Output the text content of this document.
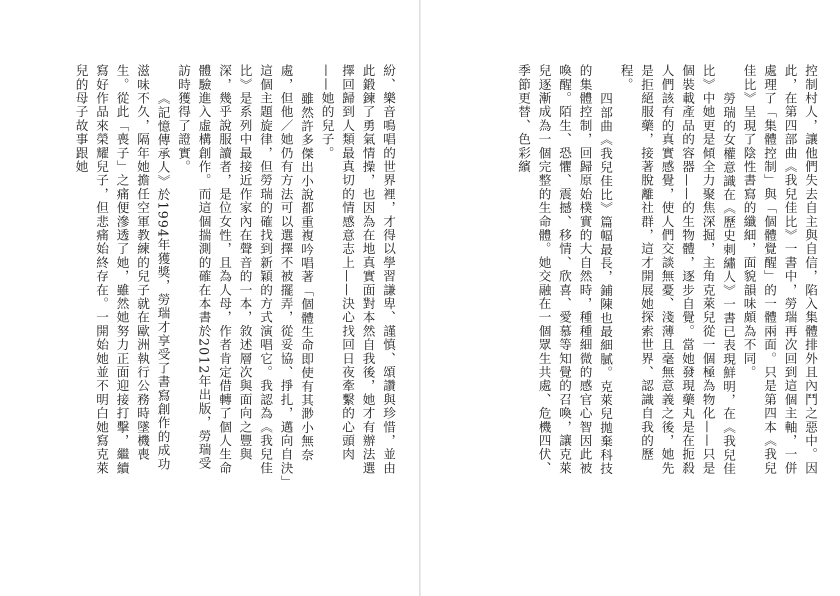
紛、樂音鳴唱的世界裡，才得以學習謙卑、謹慎、頌讚與珍惜，並由此鍛鍊了勇氣情操，也因為在地真實面對本然自我後，她才有辦法選擇回歸到人類最真切的情感意志上——決心找回日夜牽繫的心頭肉——她的兒子。

雖然許多傑出小說都重複吟唱著「個體生命即使有其渺小無奈處，但他／她仍有方法可以選擇不被擺弄，從妥協、掙扎，邁向自決」這個主題旋律，但勞瑞的確找到新穎的方式演唱它。我認為《我兒佳比》是系列中最接近作家內在聲音的一本，敘述層次與面向之豐與深，幾乎說服讀者，是位女性，且為人母，作者肯定借轉了個人生命體驗進入虛構創作。而這個揣測的確在本書於2012年出版，勞瑞受訪時獲得了證實。

《記憶傳承人》於1994年獲獎，勞瑞才享受了書寫創作的成功滋味不久，隔年她擔任空軍教練的兒子就在歐洲執行公務時墜機喪生。從此「喪子」之痛便滲透了她，雖然她努力正面迎接打擊，繼續寫好作品來榮耀兒子，但悲痛始終存在。一開始她並不明白她寫克萊兒的母子故事跟她	控制村人，讓他們失去自主與自信，陷入集體排外且內鬥之惡中。因此，在第四部曲《我兒佳比》一書中，勞瑞再次回到這個主軸，一併處理了「集體控制」與「個體覺醒」的一體兩面。只是第四本《我兒佳比》呈現了陰性書寫的纖細，面貌韻味頗為不同。

勞瑞的女權意識在《歷史刺繡人》一書已表現鮮明，在《我兒佳比》中她更是傾全力聚焦深掘，主角克萊兒從一個極為物化——只是個裝載產品的容器——的生物體，逐步自覺。當她發現藥丸是在扼殺人們該有的真實感覺，使人們交談無憂、淺薄且毫無意義之後，她先是拒絕服藥，接著脫離社群，這才開展她探索世界、認識自我的歷程。

四部曲《我兒佳比》篇幅最長，鋪陳也最細膩。克萊兒拋棄科技的集體控制，回歸原始樸實的大自然時，種種細微的感官心智因此被喚醒。陌生、恐懼、震撼、移情、欣喜、愛慕等知覺的召喚，讓克萊兒逐漸成為一個完整的生命體。她交融在一個眾生共處、危機四伏、季節更替、色彩繽
